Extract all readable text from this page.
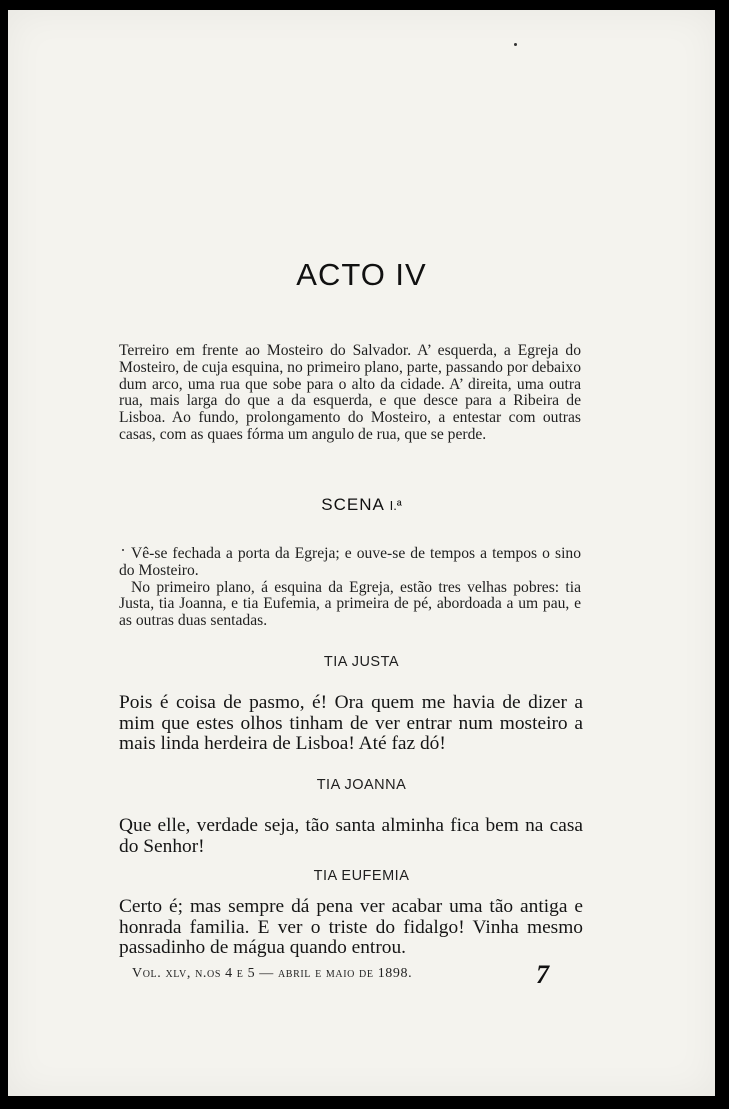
ACTO IV

Terreiro em frente ao Mosteiro do Salvador. A’ esquerda, a Egreja do Mosteiro, de cuja esquina, no primeiro plano, parte, passando por debaixo dum arco, uma rua que sobe para o alto da cidade. A’ direita, uma outra rua, mais larga do que a da esquerda, e que desce para a Ribeira de Lisboa. Ao fundo, prolongamento do Mosteiro, a entestar com outras casas, com as quaes fórma um angulo de rua, que se perde.

SCENA I.ª

Vê-se fechada a porta da Egreja; e ouve-se de tempos a tempos o sino do Mosteiro.

No primeiro plano, á esquina da Egreja, estão tres velhas pobres: tia Justa, tia Joanna, e tia Eufemia, a primeira de pé, abordoada a um pau, e as outras duas sentadas.

TIA JUSTA

Pois é coisa de pasmo, é! Ora quem me havia de dizer a mim que estes olhos tinham de ver entrar num mosteiro a mais linda herdeira de Lisboa! Até faz dó!

TIA JOANNA

Que elle, verdade seja, tão santa alminha fica bem na casa do Senhor!

TIA EUFEMIA

Certo é; mas sempre dá pena ver acabar uma tão antiga e honrada familia. E ver o triste do fidalgo! Vinha mesmo passadinho de mágua quando entrou.

Vol. xlv, n.os 4 e 5 — abril e maio de 1898.	7
